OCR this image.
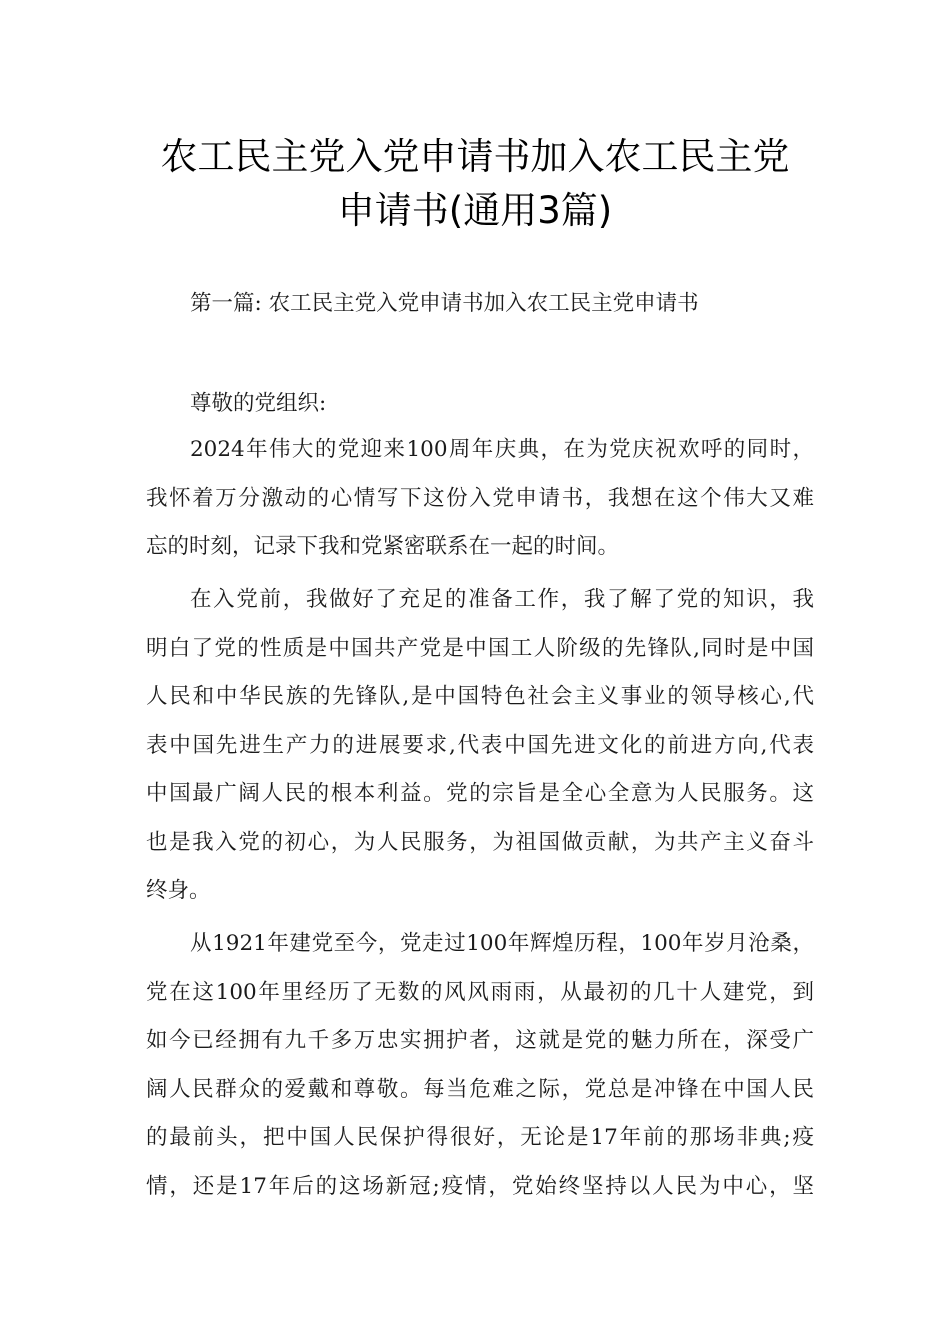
农工民主党入党申请书加入农工民主党
申请书(通用3篇)
第一篇: 农工民主党入党申请书加入农工民主党申请书
尊敬的党组织:
2024年伟大的党迎来100周年庆典，在为党庆祝欢呼的同时，
我怀着万分激动的心情写下这份入党申请书，我想在这个伟大又难
忘的时刻，记录下我和党紧密联系在一起的时间。
在入党前，我做好了充足的准备工作，我了解了党的知识，我
明白了党的性质是中国共产党是中国工人阶级的先锋队,同时是中国
人民和中华民族的先锋队,是中国特色社会主义事业的领导核心,代
表中国先进生产力的进展要求,代表中国先进文化的前进方向,代表
中国最广阔人民的根本利益。党的宗旨是全心全意为人民服务。这
也是我入党的初心，为人民服务，为祖国做贡献，为共产主义奋斗
终身。
从1921年建党至今，党走过100年辉煌历程，100年岁月沧桑，
党在这100年里经历了无数的风风雨雨，从最初的几十人建党，到
如今已经拥有九千多万忠实拥护者，这就是党的魅力所在，深受广
阔人民群众的爱戴和尊敬。每当危难之际，党总是冲锋在中国人民
的最前头，把中国人民保护得很好，无论是17年前的那场非典;疫
情，还是17年后的这场新冠;疫情，党始终坚持以人民为中心，坚
